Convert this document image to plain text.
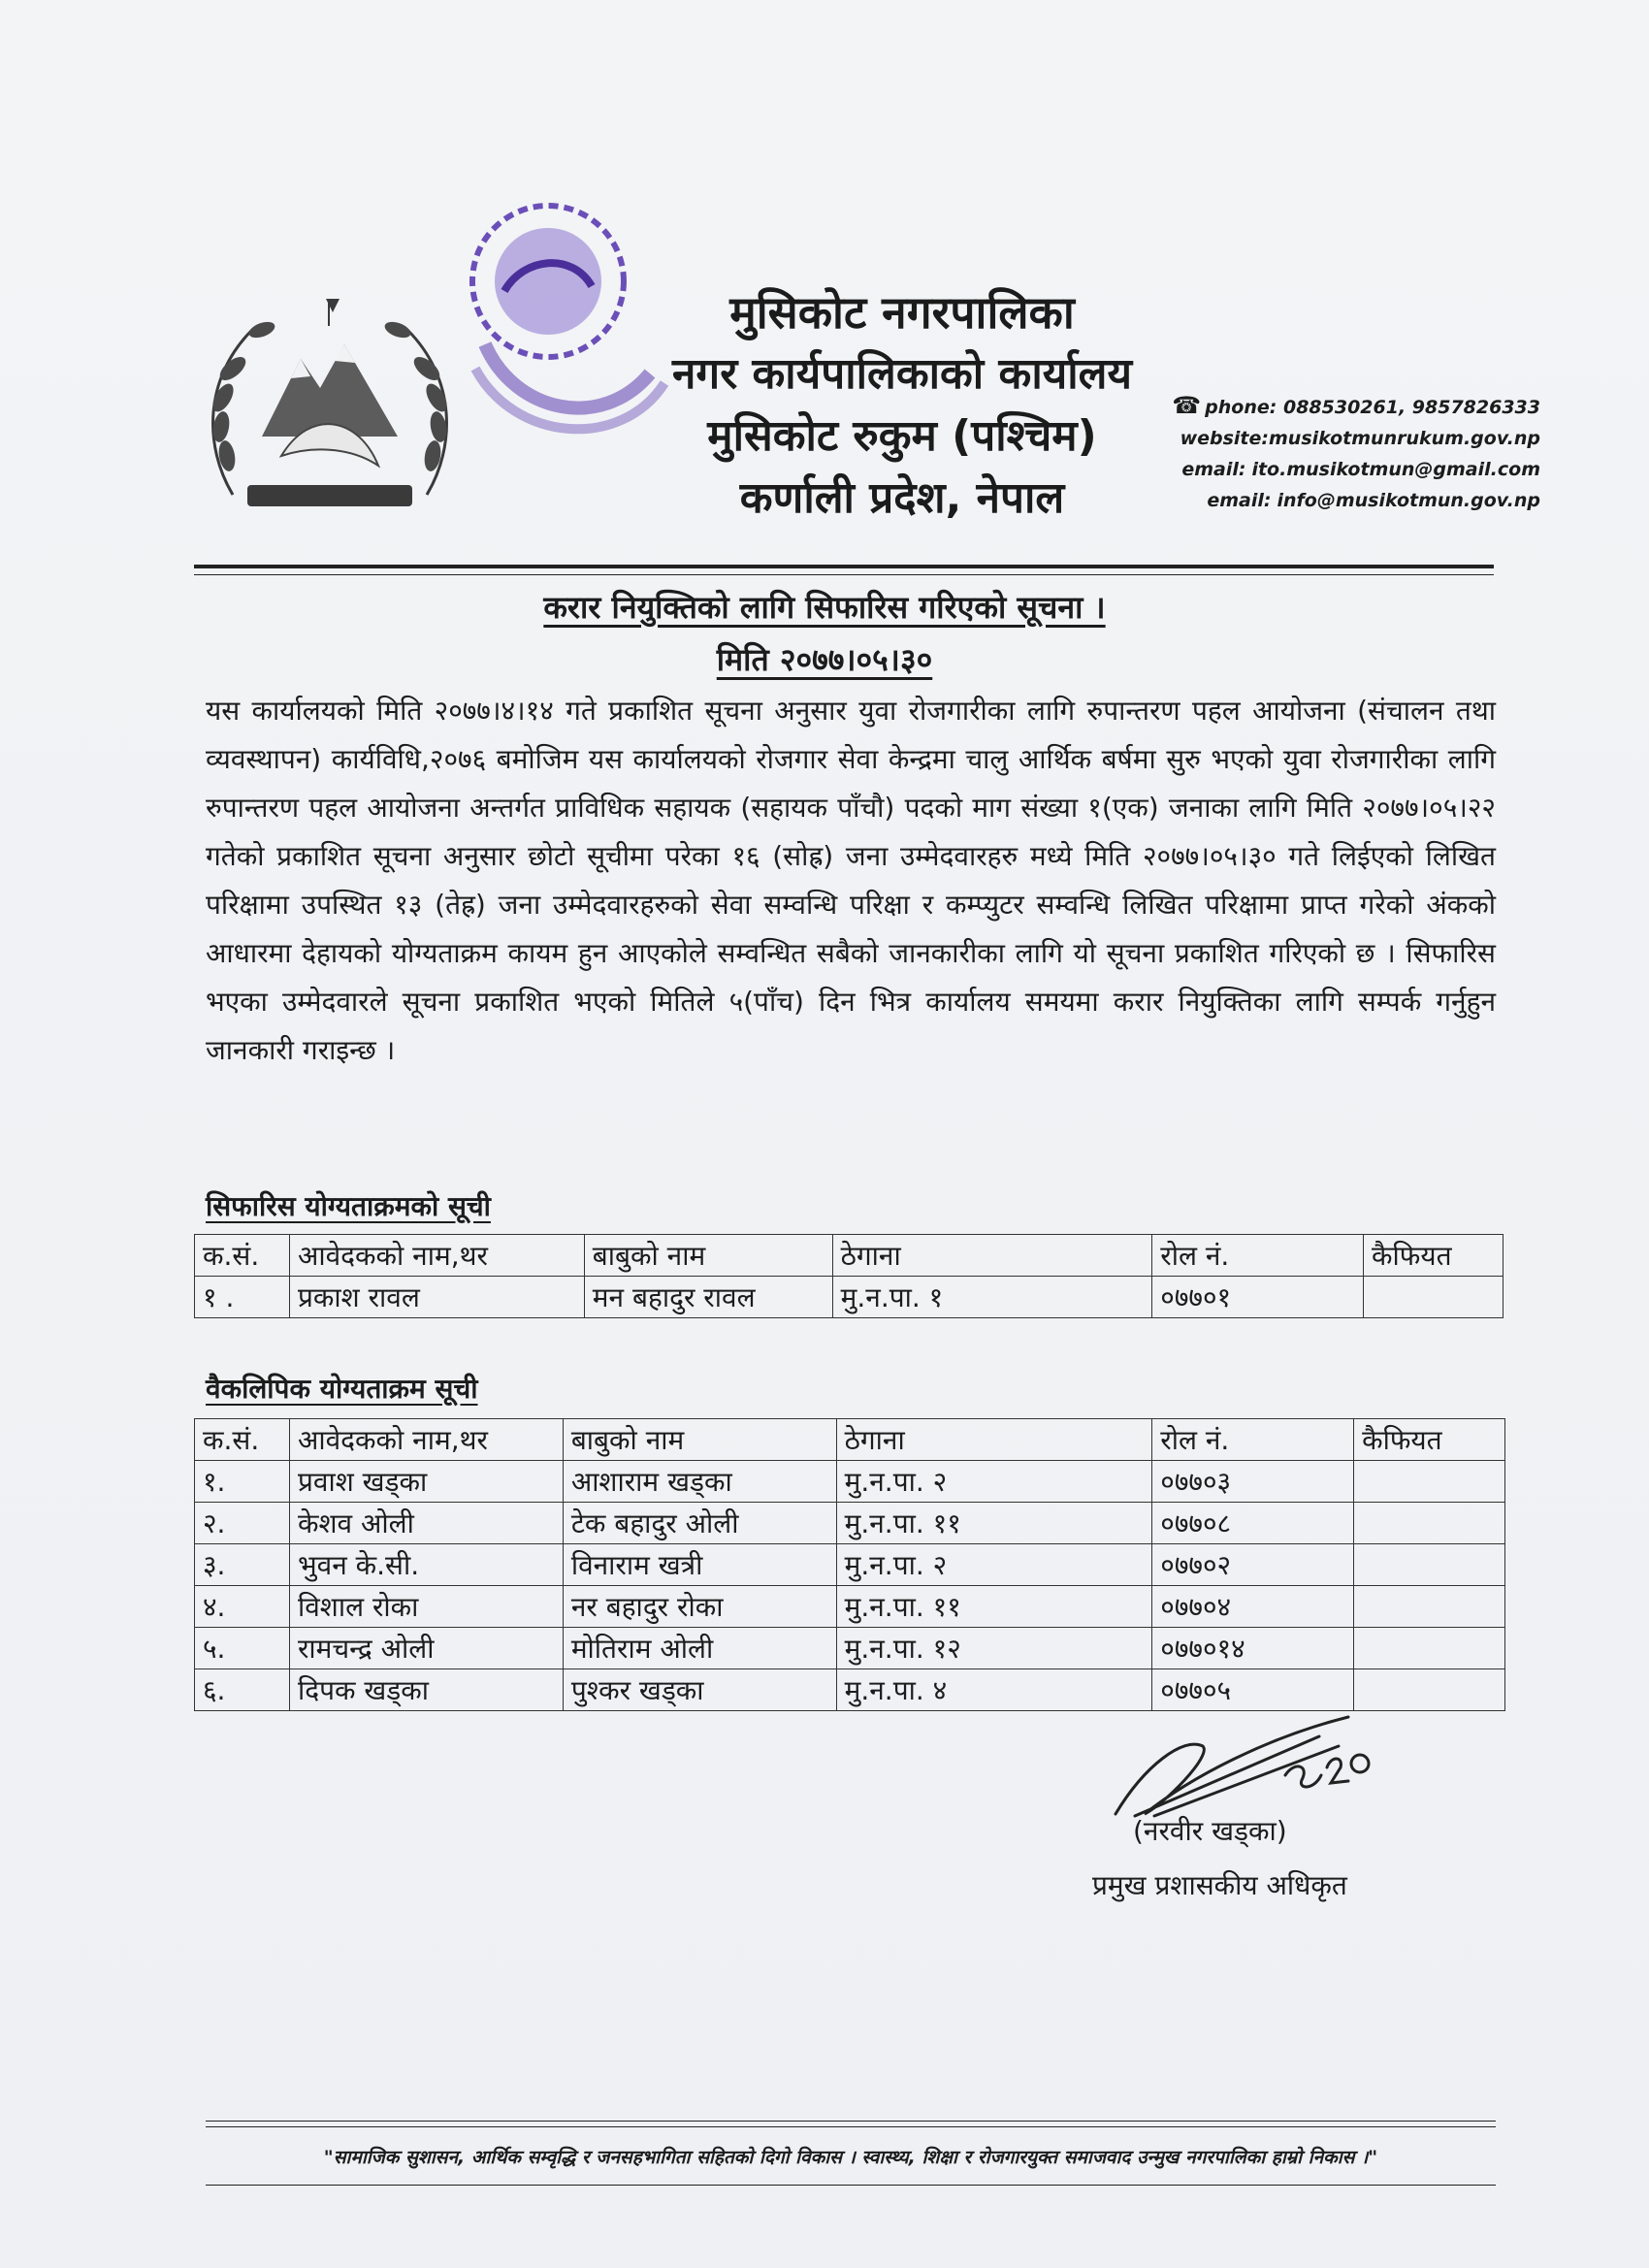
मुसिकोट नगरपालिका
नगर कार्यपालिकाको कार्यालय
मुसिकोट रुकुम (पश्चिम)
कर्णाली प्रदेश, नेपाल
☎ phone: 088530261, 9857826333
website:musikotmunrukum.gov.np
email: ito.musikotmun@gmail.com
email: info@musikotmun.gov.np
करार नियुक्तिको लागि सिफारिस गरिएको सूचना ।
मिति २०७७।०५।३०
यस कार्यालयको मिति २०७७।४।१४ गते प्रकाशित सूचना अनुसार युवा रोजगारीका लागि रुपान्तरण पहल आयोजना (संचालन तथा व्यवस्थापन) कार्यविधि,२०७६ बमोजिम यस कार्यालयको रोजगार सेवा केन्द्रमा चालु आर्थिक बर्षमा सुरु भएको युवा रोजगारीका लागि रुपान्तरण पहल आयोजना अन्तर्गत प्राविधिक सहायक (सहायक पाँचौ) पदको माग संख्या १(एक) जनाका लागि मिति २०७७।०५।२२ गतेको प्रकाशित सूचना अनुसार छोटो सूचीमा परेका १६ (सोह्र) जना उम्मेदवारहरु मध्ये मिति २०७७।०५।३० गते लिईएको लिखित परिक्षामा उपस्थित १३ (तेह्र) जना उम्मेदवारहरुको सेवा सम्वन्धि परिक्षा र कम्प्युटर सम्वन्धि लिखित परिक्षामा प्राप्त गरेको अंकको आधारमा देहायको योग्यताक्रम कायम हुन आएकोले सम्वन्धित सबैको जानकारीका लागि यो सूचना प्रकाशित गरिएको छ । सिफारिस भएका उम्मेदवारले सूचना प्रकाशित भएको मितिले ५(पाँच) दिन भित्र कार्यालय समयमा करार नियुक्तिका लागि सम्पर्क गर्नुहुन जानकारी गराइन्छ ।
सिफारिस योग्यताक्रमको सूची
क.सं.	आवेदकको नाम,थर	बाबुको नाम	ठेगाना	रोल नं.	कैफियत
१ .	प्रकाश रावल	मन बहादुर रावल	मु.न.पा. १	०७७०१	
वैकलिपिक योग्यताक्रम सूची
क.सं.	आवेदकको नाम,थर	बाबुको नाम	ठेगाना	रोल नं.	कैफियत
१.	प्रवाश खड्का	आशाराम खड्का	मु.न.पा. २	०७७०३	
२.	केशव ओली	टेक बहादुर ओली	मु.न.पा. ११	०७७०८	
३.	भुवन के.सी.	विनाराम खत्री	मु.न.पा. २	०७७०२	
४.	विशाल रोका	नर बहादुर रोका	मु.न.पा. ११	०७७०४	
५.	रामचन्द्र ओली	मोतिराम ओली	मु.न.पा. १२	०७७०१४	
६.	दिपक खड्का	पुश्कर खड्का	मु.न.पा. ४	०७७०५	
(नरवीर खड्का)
प्रमुख प्रशासकीय अधिकृत
"सामाजिक सुशासन, आर्थिक सम्वृद्धि र जनसहभागिता सहितको दिगो विकास । स्वास्थ्य, शिक्षा र रोजगारयुक्त समाजवाद उन्मुख नगरपालिका हाम्रो निकास ।"
